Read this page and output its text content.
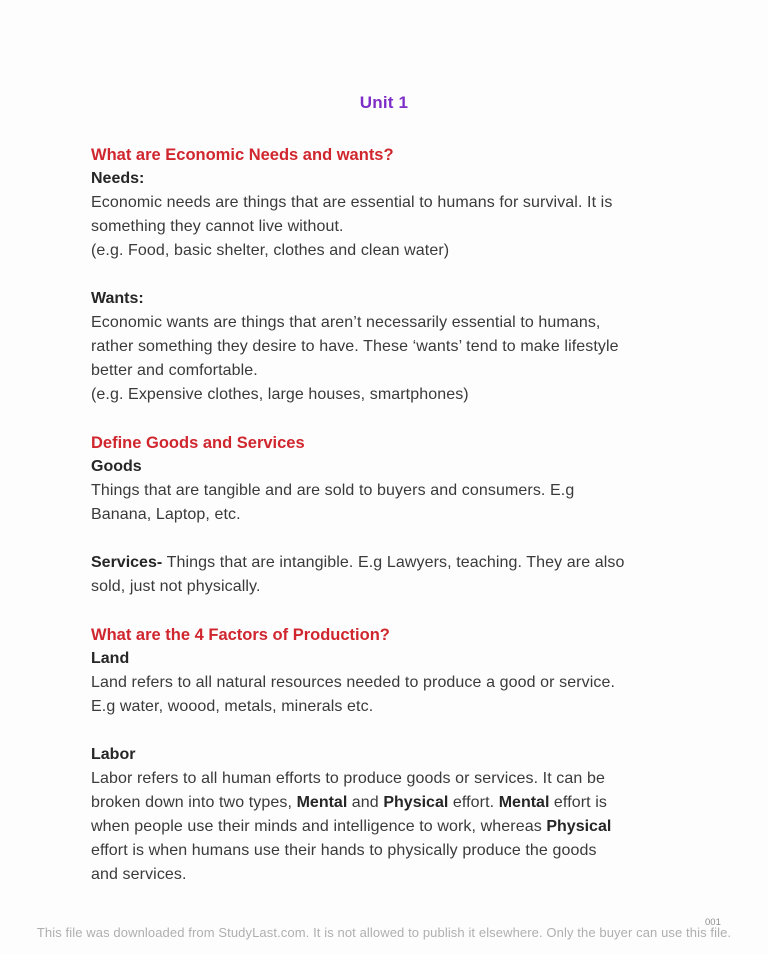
Unit 1
What are Economic Needs and wants?
Needs:
Economic needs are things that are essential to humans for survival. It is
something they cannot live without.
(e.g. Food, basic shelter, clothes and clean water)
Wants:
Economic wants are things that aren’t necessarily essential to humans,
rather something they desire to have. These ‘wants’ tend to make lifestyle
better and comfortable.
(e.g. Expensive clothes, large houses, smartphones)
Define Goods and Services
Goods
Things that are tangible and are sold to buyers and consumers. E.g
Banana, Laptop, etc.
Services- Things that are intangible. E.g Lawyers, teaching. They are also
sold, just not physically.
What are the 4 Factors of Production?
Land
Land refers to all natural resources needed to produce a good or service.
E.g water, woood, metals, minerals etc.
Labor
Labor refers to all human efforts to produce goods or services. It can be
broken down into two types, Mental and Physical effort. Mental effort is
when people use their minds and intelligence to work, whereas Physical
effort is when humans use their hands to physically produce the goods
and services.
This file was downloaded from StudyLast.com. It is not allowed to publish it elsewhere. Only the buyer can use this file.
001
